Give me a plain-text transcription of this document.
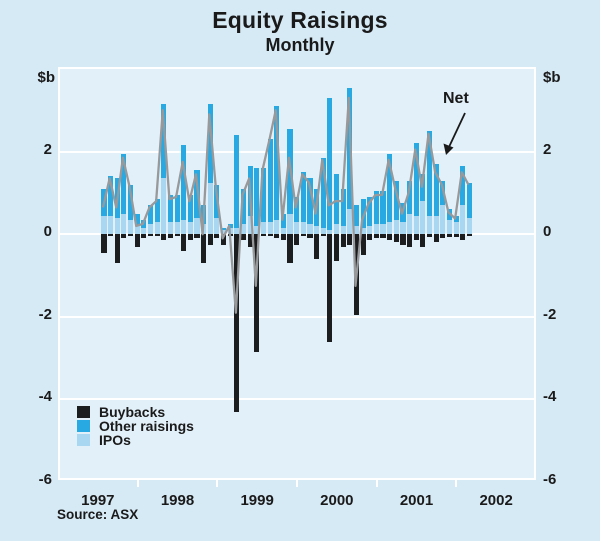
Equity Raisings
Monthly
$b	$b
2	2
0	0
-2	-2
-4	-4
-6	-6
1997	1998	1999	2000	2001	2002
Net
Buybacks
Other raisings
IPOs
Source: ASX
